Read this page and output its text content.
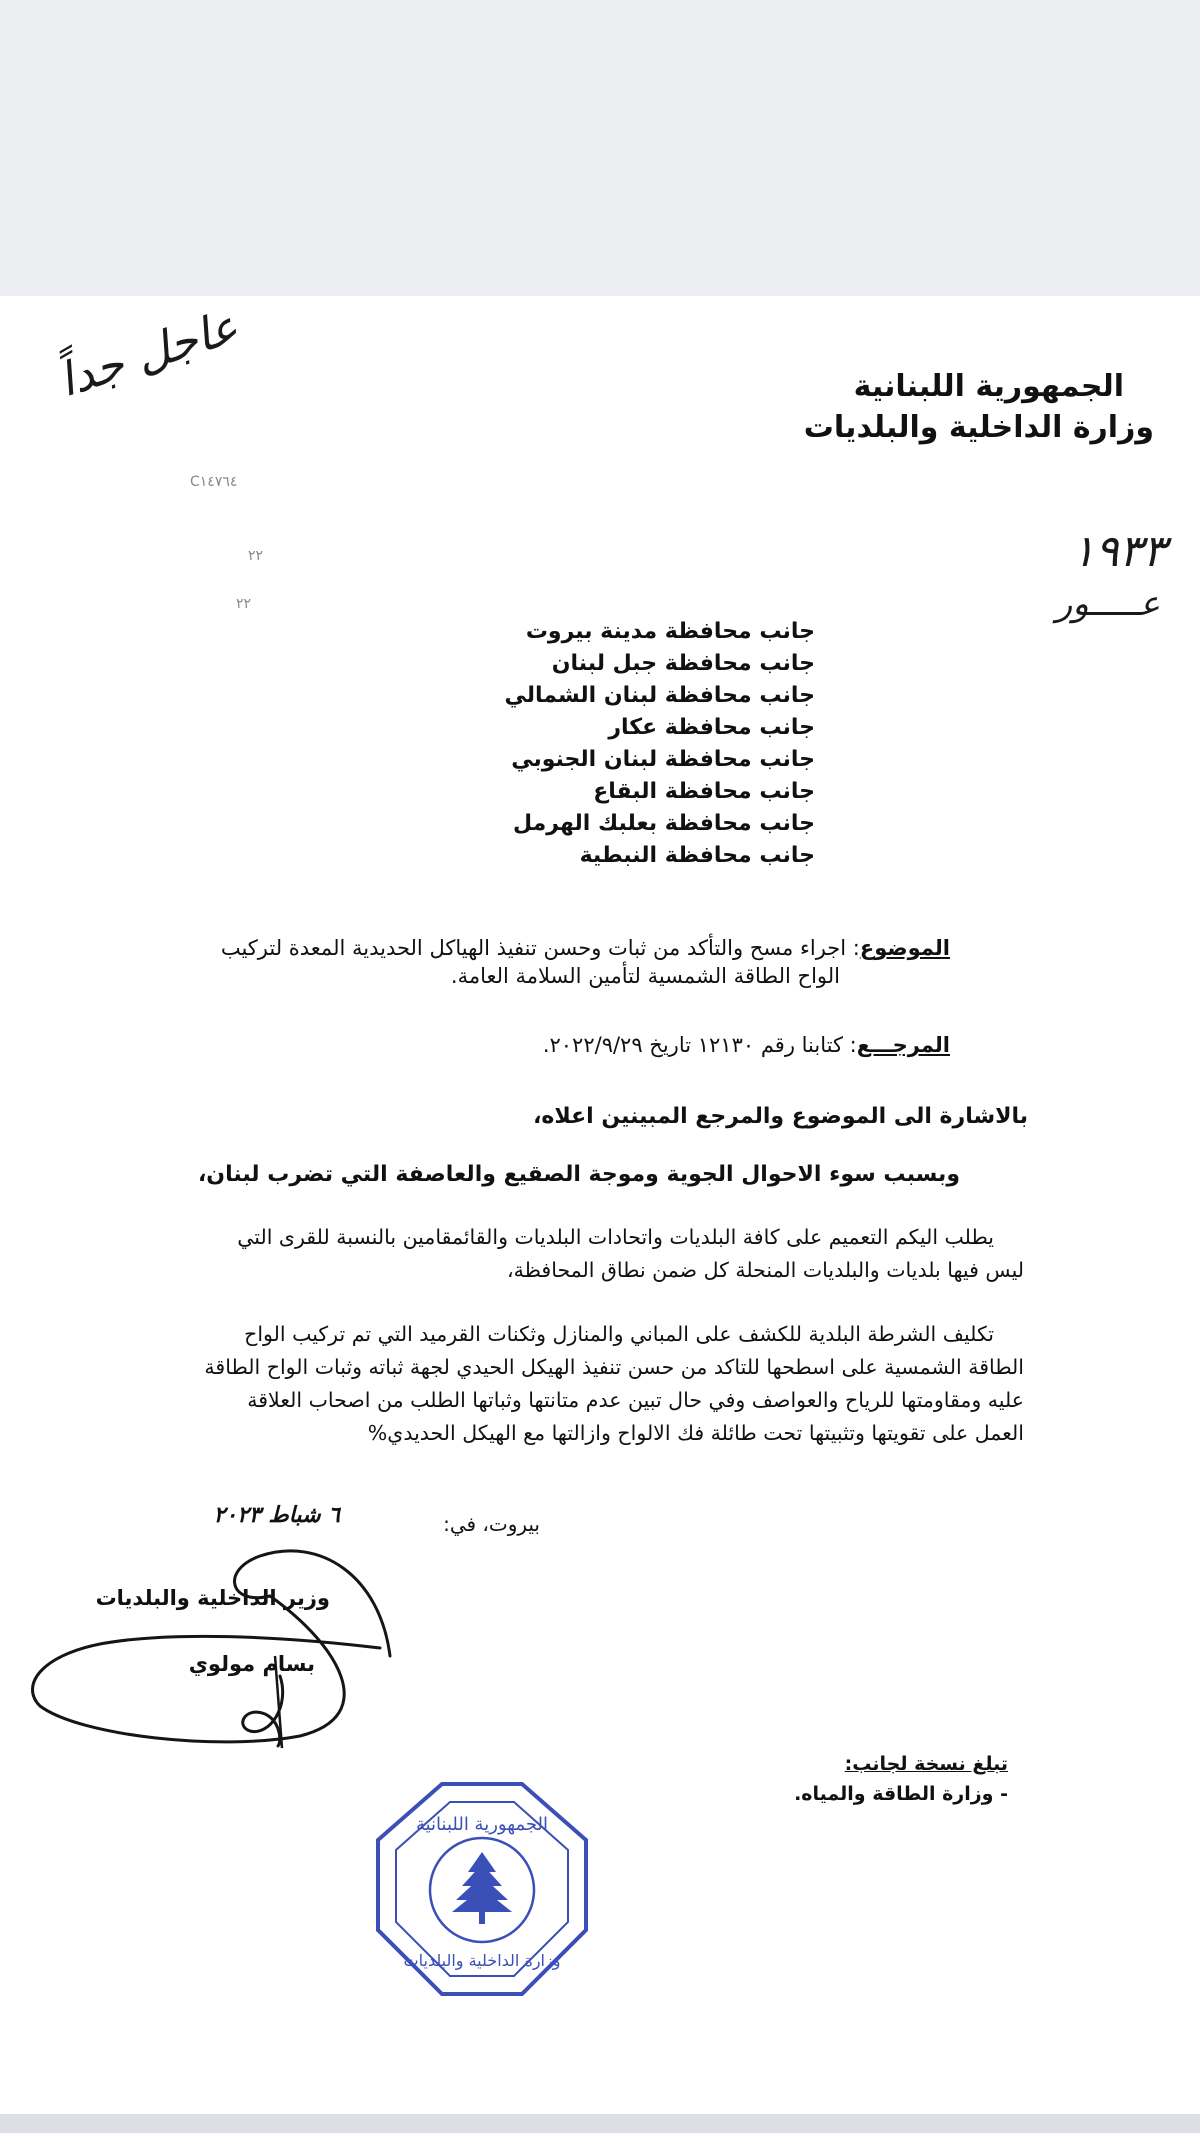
الجمهورية اللبنانية
وزارة الداخلية والبلديات
عاجل جداً
C١٤٧٦٤
٢٢
٢٢
١٩٣٣
عـــــور
جانب محافظة مدينة بيروت
جانب محافظة جبل لبنان
جانب محافظة لبنان الشمالي
جانب محافظة عكار
جانب محافظة لبنان الجنوبي
جانب محافظة البقاع
جانب محافظة بعلبك الهرمل
جانب محافظة النبطية
الموضوع: اجراء مسح والتأكد من ثبات وحسن تنفيذ الهياكل الحديدية المعدة لتركيب
الواح الطاقة الشمسية لتأمين السلامة العامة.
المرجـــع: كتابنا رقم ١٢١٣٠ تاريخ ٢٠٢٢/٩/٢٩.
بالاشارة الى الموضوع والمرجع المبينين اعلاه،
وبسبب سوء الاحوال الجوية وموجة الصقيع والعاصفة التي تضرب لبنان،
يطلب اليكم التعميم على كافة البلديات واتحادات البلديات والقائمقامين بالنسبة للقرى التي
ليس فيها بلديات والبلديات المنحلة كل ضمن نطاق المحافظة،
تكليف الشرطة البلدية للكشف على المباني والمنازل وثكنات القرميد التي تم تركيب الواح
الطاقة الشمسية على اسطحها للتاكد من حسن تنفيذ الهيكل الحيدي لجهة ثباته وثبات الواح الطاقة
عليه ومقاومتها للرياح والعواصف وفي حال تبين عدم متانتها وثباتها الطلب من اصحاب العلاقة
العمل على تقويتها وتثبيتها تحت طائلة فك الالواح وازالتها مع الهيكل الحديدي%
بيروت، في:
٦ شباط ٢٠٢٣
وزير الداخلية والبلديات
بسام مولوي
تبلغ نسخة لجانب:
- وزارة الطاقة والمياه.
الجمهورية اللبنانية
وزارة الداخلية والبلديات
